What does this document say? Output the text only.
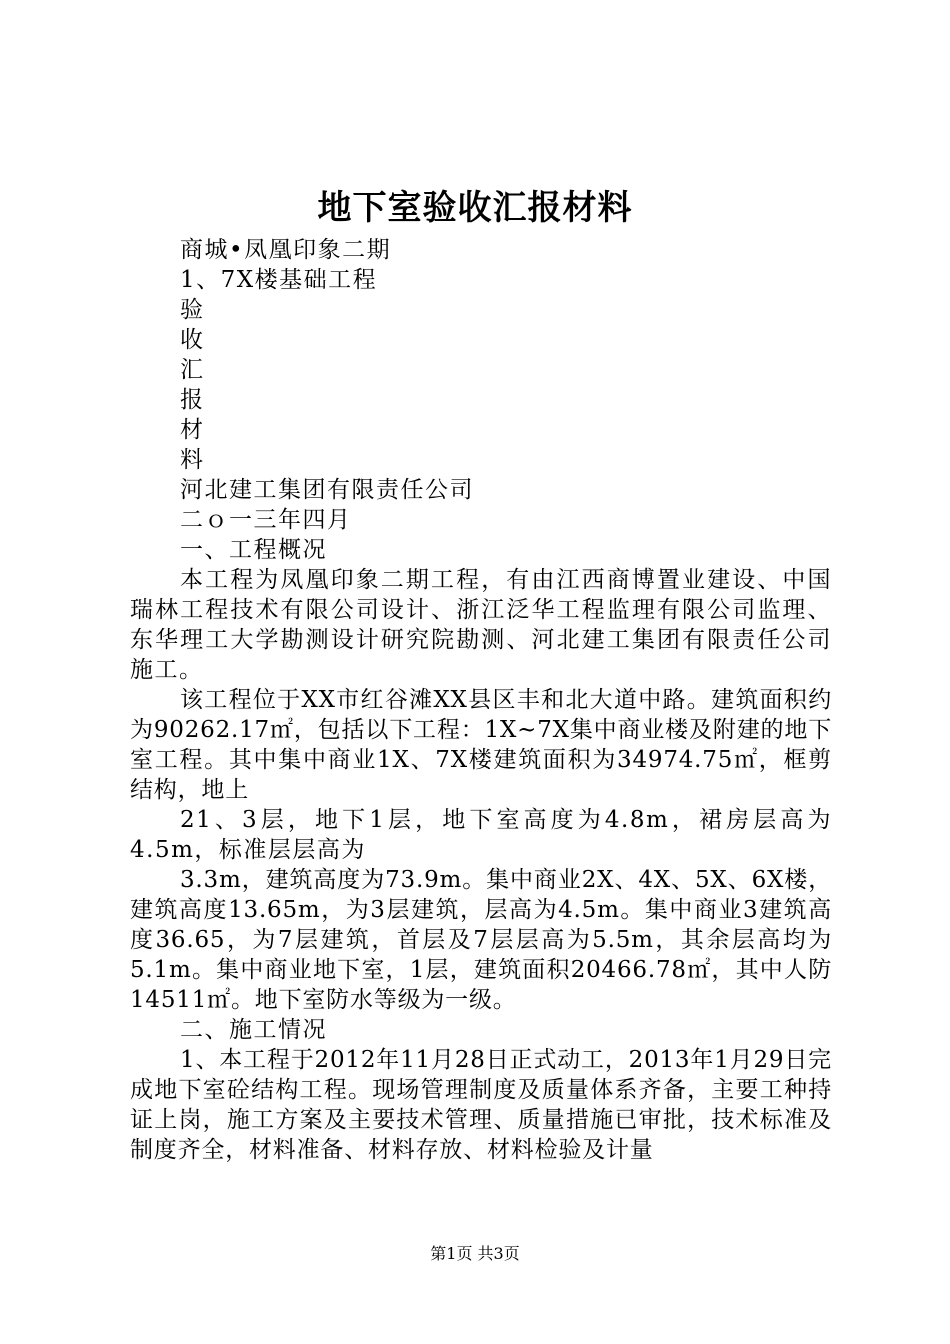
地下室验收汇报材料

商城•凤凰印象二期

1、7X楼基础工程

验

收

汇

报

材

料

河北建工集团有限责任公司

二ｏ一三年四月

一、工程概况

本工程为凤凰印象二期工程，有由江西商博置业建设、中国瑞林工程技术有限公司设计、浙江泛华工程监理有限公司监理、东华理工大学勘测设计研究院勘测、河北建工集团有限责任公司施工。

该工程位于XX市红谷滩XX县区丰和北大道中路。建筑面积约为90262.17㎡，包括以下工程：1X~7X集中商业楼及附建的地下室工程。其中集中商业1X、7X楼建筑面积为34974.75㎡，框剪结构，地上

21、3层，地下1层，地下室高度为4.8m，裙房层高为4.5m，标准层层高为

3.3m，建筑高度为73.9m。集中商业2X、4X、5X、6X楼，建筑高度13.65m，为3层建筑，层高为4.5m。集中商业3建筑高度36.65，为7层建筑，首层及7层层高为5.5m，其余层高均为5.1m。集中商业地下室，1层，建筑面积20466.78㎡，其中人防14511㎡。地下室防水等级为一级。

二、施工情况

1、本工程于2012年11月28日正式动工，2013年1月29日完成地下室砼结构工程。现场管理制度及质量体系齐备，主要工种持证上岗，施工方案及主要技术管理、质量措施已审批，技术标准及制度齐全，材料准备、材料存放、材料检验及计量

第1页 共3页
